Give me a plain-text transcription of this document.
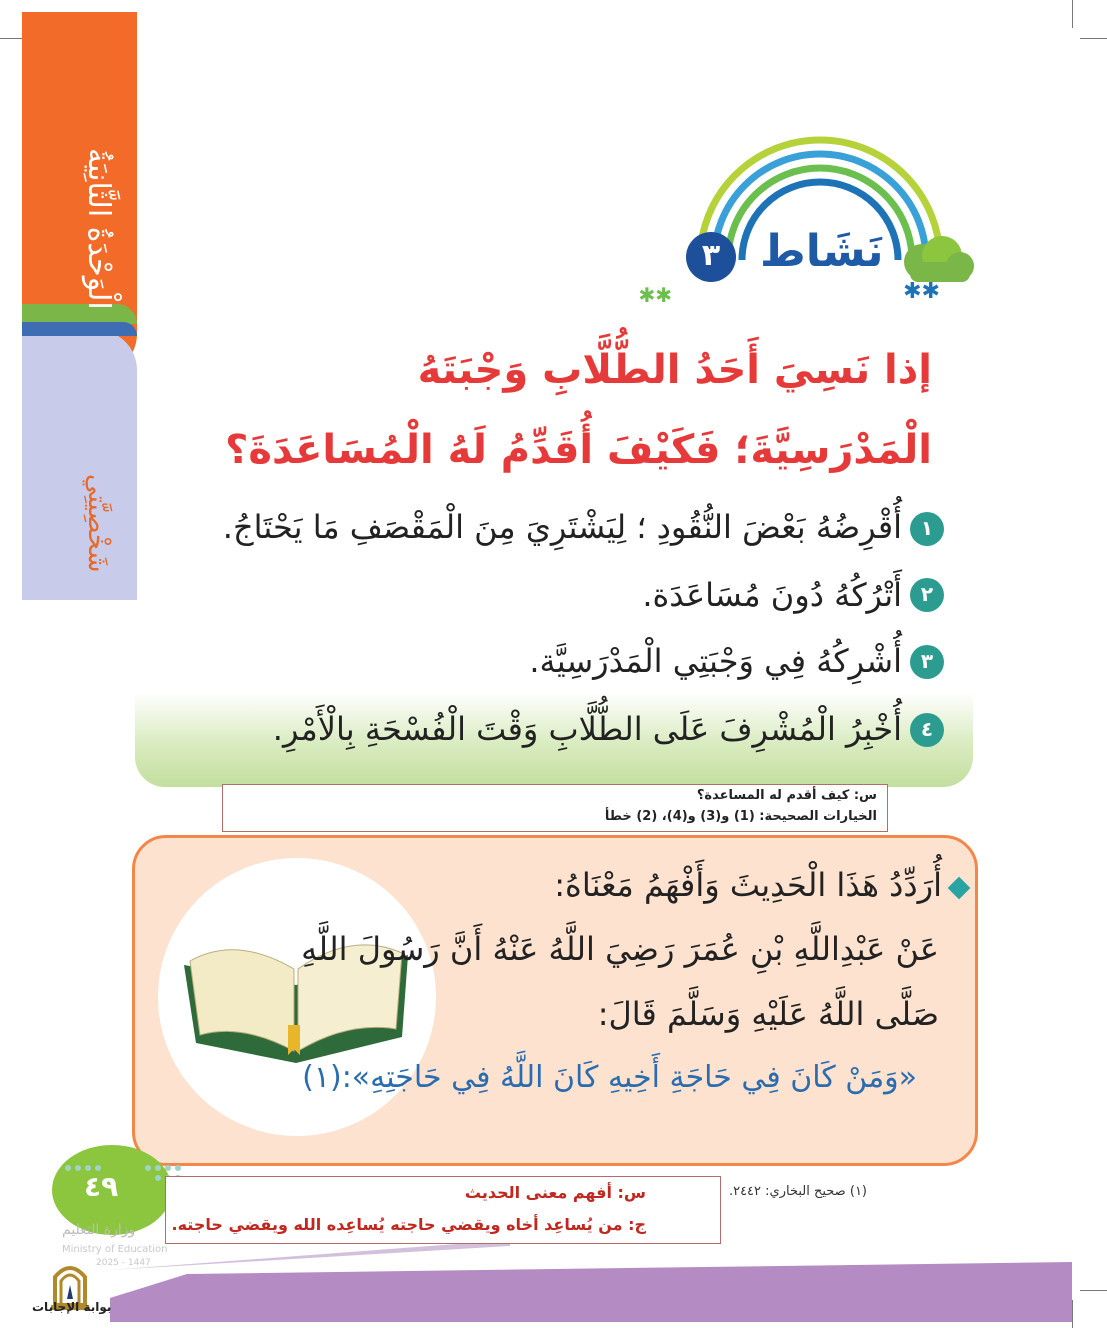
الْوَحْدَةُ الثَّانِيَةُ
شَخْصِيَّتِي
✱✱
✱✱
نَشَاط
٣
إذا نَسِيَ أَحَدُ الطُّلَّابِ وَجْبَتَهُ الْمَدْرَسِيَّةَ؛ فَكَيْفَ أُقَدِّمُ لَهُ الْمُسَاعَدَةَ؟
أُقْرِضُهُ بَعْضَ النُّقُودِ ؛ لِيَشْتَرِيَ مِنَ الْمَقْصَفِ مَا يَحْتَاجُ. ١
أَتْرُكُهُ دُونَ مُسَاعَدَة. ٢
أُشْرِكُهُ فِي وَجْبَتِي الْمَدْرَسِيَّة. ٣
أُخْبِرُ الْمُشْرِفَ عَلَى الطُّلَّابِ وَقْتَ الْفُسْحَةِ بِالْأَمْرِ. ٤
س: كيف أقدم له المساعدة؟
الخيارات الصحيحة: (1) و(3) و(4)، (2) خطأ
أُرَدِّدُ هَذَا الْحَدِيثَ وَأَفْهَمُ مَعْنَاهُ:
عَنْ عَبْدِاللَّهِ بْنِ عُمَرَ رَضِيَ اللَّهُ عَنْهُ أَنَّ رَسُولَ اللَّهِ
صَلَّى اللَّهُ عَلَيْهِ وَسَلَّمَ قَالَ:
«وَمَنْ كَانَ فِي حَاجَةِ أَخِيهِ كَانَ اللَّهُ فِي حَاجَتِهِ»:(١)
٤٩	س: أفهم معنى الحديث
ج: من يُساعِد أخاه ويقضي حاجته يُساعِده الله ويقضي حاجته.
(١) صحيح البخاري: ٢٤٤٢.
وزارة التعليم
Ministry of Education
2025 - 1447
بوابة الإجابات
